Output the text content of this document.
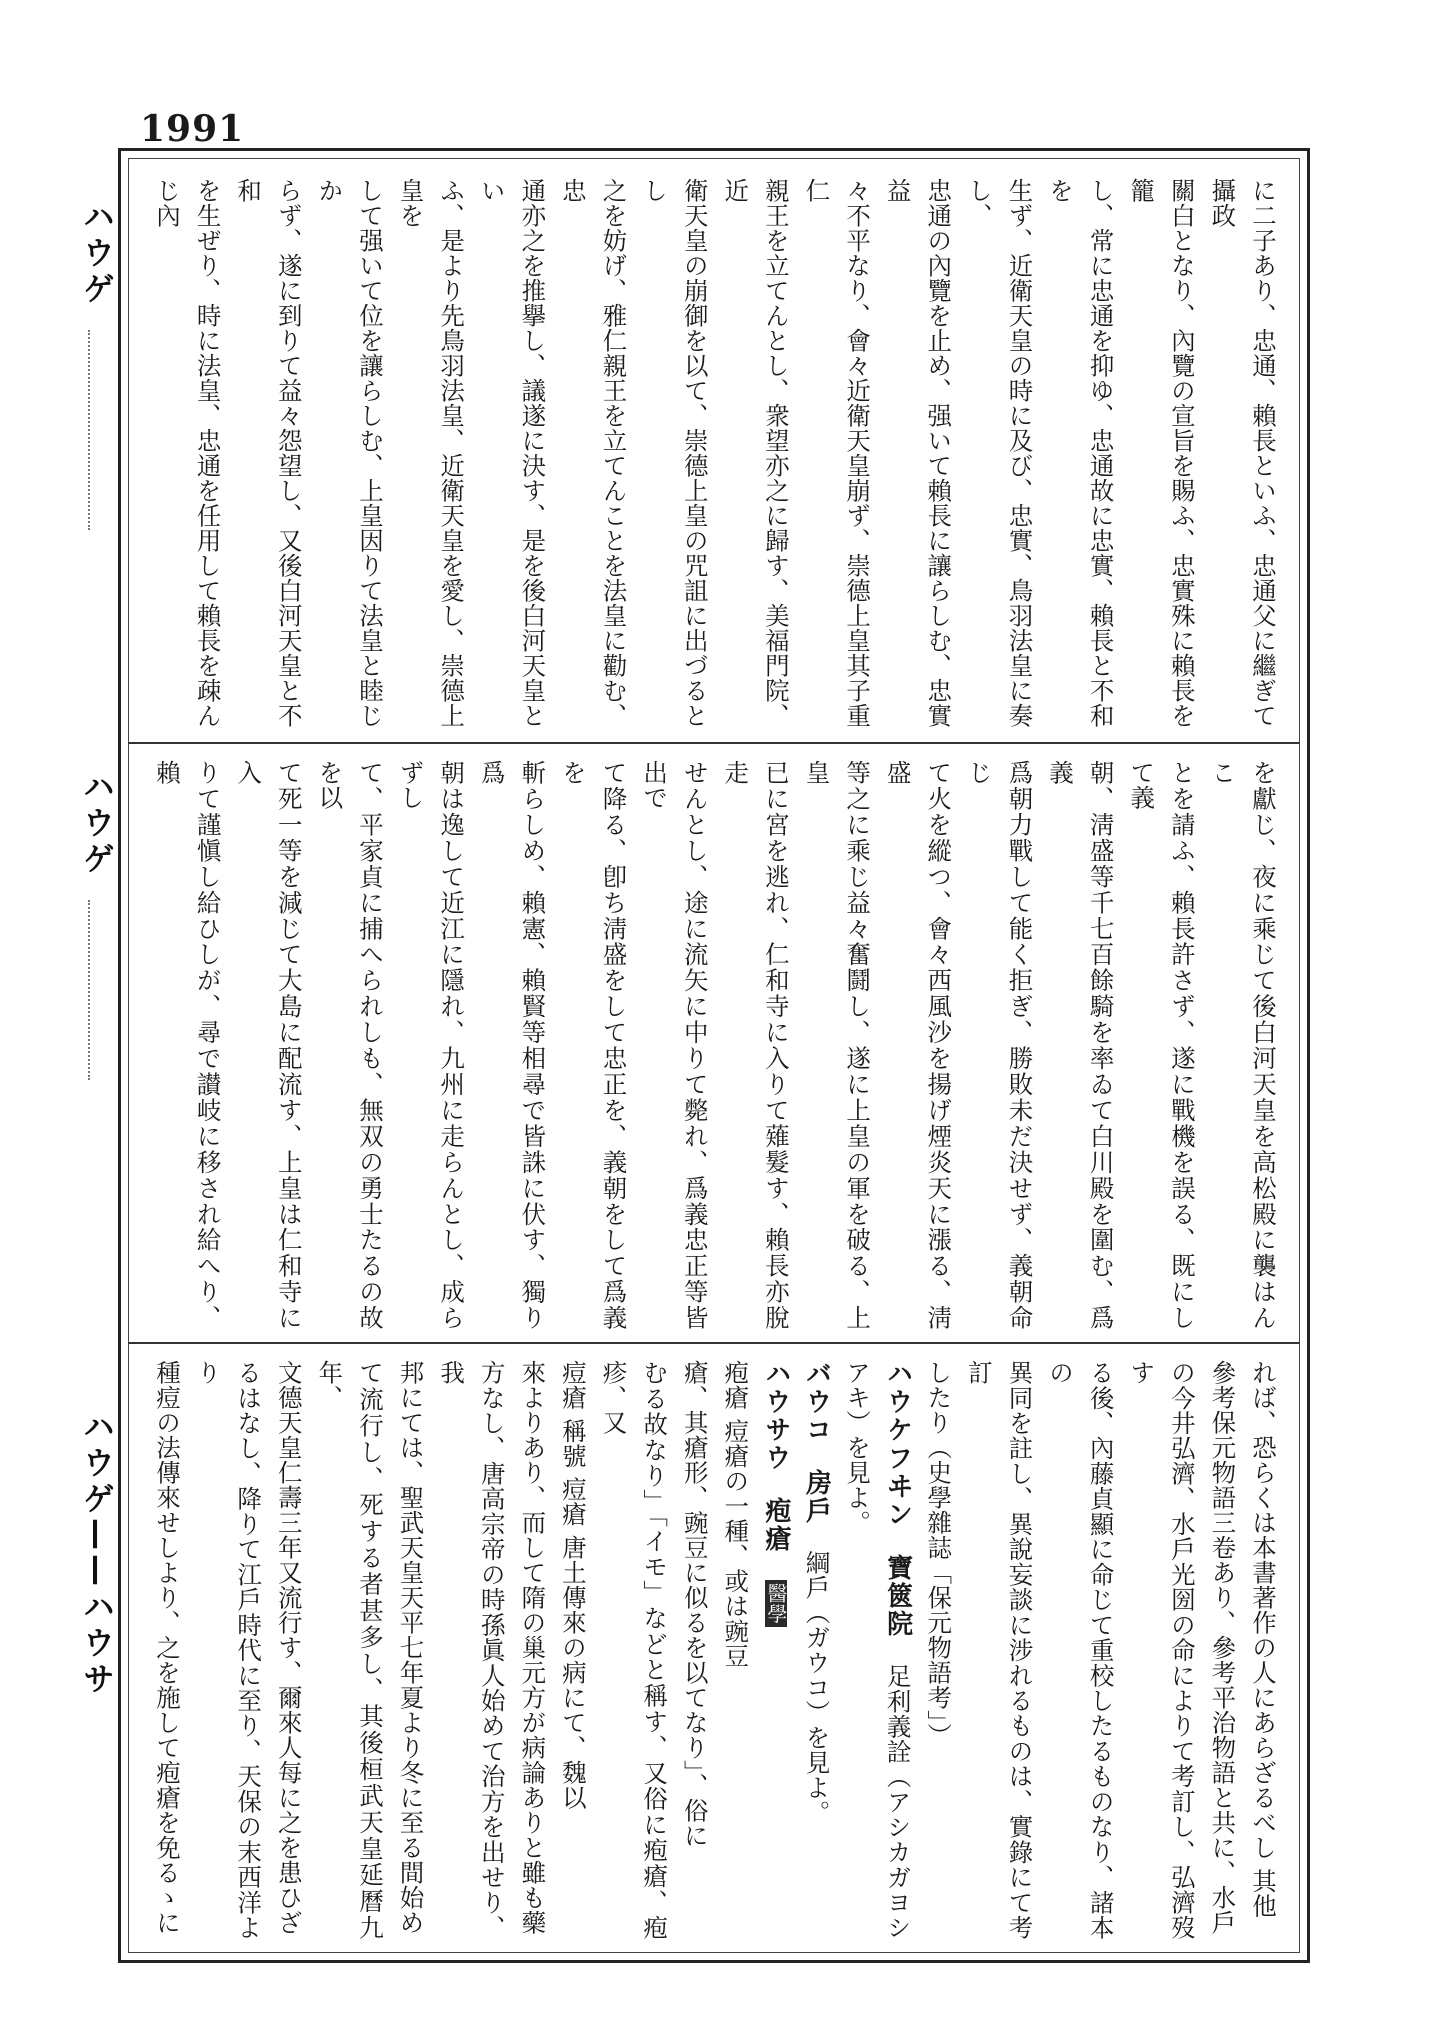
1991
ハウゲ
ハウゲ
ハウゲ——ハウサ
に二子あり、忠通、賴長といふ、忠通父に繼ぎて攝政
關白となり、內覽の宣旨を賜ふ、忠實殊に賴長を籠
し、常に忠通を抑ゆ、忠通故に忠實、賴長と不和を
生ず、近衛天皇の時に及び、忠實、鳥羽法皇に奏し、
忠通の內覽を止め、强いて賴長に讓らしむ、忠實益
々不平なり、會々近衛天皇崩ず、崇德上皇其子重仁
親王を立てんとし、衆望亦之に歸す、美福門院、近
衛天皇の崩御を以て、崇德上皇の咒詛に出づるとし
之を妨げ、雅仁親王を立てんことを法皇に勸む、忠
通亦之を推擧し、議遂に決す、是を後白河天皇とい
ふ、是より先鳥羽法皇、近衛天皇を愛し、崇德上皇を
して强いて位を讓らしむ、上皇因りて法皇と睦じか
らず、遂に到りて益々怨望し、又後白河天皇と不和
を生ぜり、時に法皇、忠通を任用して賴長を疎んじ內
を獻じ、夜に乘じて後白河天皇を高松殿に襲はんこ
とを請ふ、賴長許さず、遂に戰機を誤る、既にして義
朝、淸盛等千七百餘騎を率ゐて白川殿を圍む、爲義
爲朝力戰して能く拒ぎ、勝敗未だ決せず、義朝命じ
て火を縱つ、會々西風沙を揚げ煙炎天に漲る、淸盛
等之に乘じ益々奮鬪し、遂に上皇の軍を破る、上皇
已に宮を逃れ、仁和寺に入りて薙髮す、賴長亦脫走
せんとし、途に流矢に中りて斃れ、爲義忠正等皆出で
て降る、卽ち淸盛をして忠正を、義朝をして爲義を
斬らしめ、賴憲、賴賢等相尋で皆誅に伏す、獨り爲
朝は逸して近江に隱れ、九州に走らんとし、成らずし
て、平家貞に捕へられしも、無双の勇士たるの故を以
て死一等を減じて大島に配流す、上皇は仁和寺に入
りて謹愼し給ひしが、尋で讃岐に移され給へり、賴

れば、恐らくは本書著作の人にあらざるべし 其他
參考保元物語三卷あり、參考平治物語と共に、水戶
の今井弘濟、水戶光圀の命によりて考訂し、弘濟歿す
る後、內藤貞顯に命じて重校したるものなり、諸本の
異同を註し、異說妄談に涉れるものは、實錄にて考訂
したり（史學雜誌「保元物語考」）
ハウケフヰン　寶篋院　足利義詮（アシカガヨシアキ）を見よ。
バウコ　房戶　綱戶（ガウコ）を見よ。
ハウサウ　疱瘡　醫學
疱瘡 痘瘡の一種、或は豌豆
瘡、其瘡形、豌豆に似るを以てなり」、俗に
むる故なり」「イモ」などと稱す、又俗に疱瘡、疱疹、又
痘瘡 稱號 痘瘡 唐土傳來の病にて、魏以
來よりあり、而して隋の巢元方が病論ありと雖も藥
方なし、唐高宗帝の時孫眞人始めて治方を出せり、我
邦にては、聖武天皇天平七年夏より冬に至る間始め
て流行し、死する者甚多し、其後桓武天皇延曆九年、
文德天皇仁壽三年又流行す、爾來人每に之を患ひざ
るはなし、降りて江戶時代に至り、天保の末西洋より
種痘の法傳來せしより、之を施して疱瘡を免るゝに
